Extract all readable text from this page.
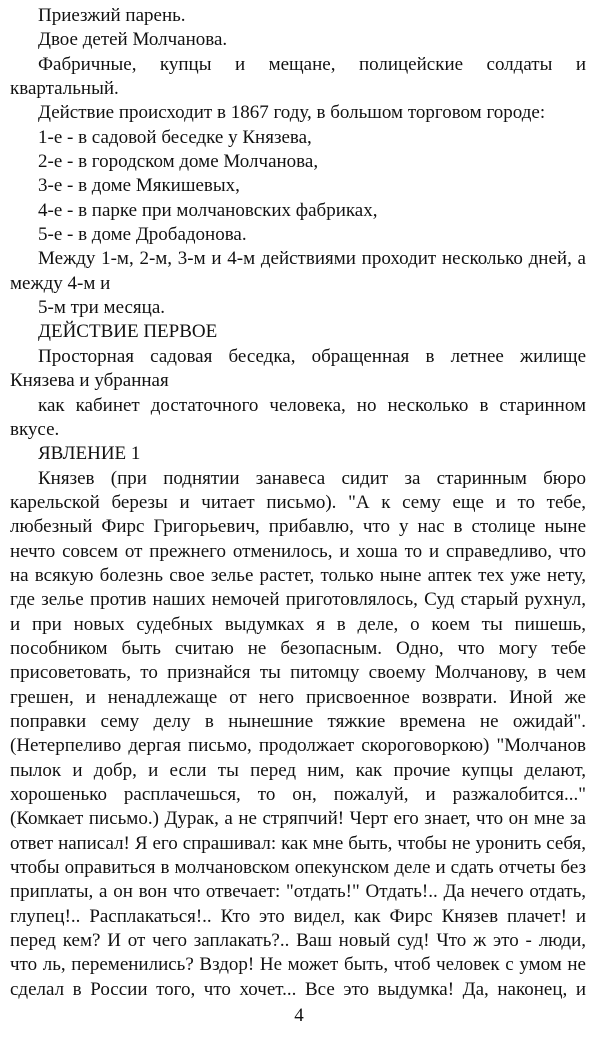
Приезжий парень.

Двое детей Молчанова.

Фабричные, купцы и мещане, полицейские солдаты и квартальный.

Действие происходит в 1867 году, в большом торговом городе:

1-е - в садовой беседке у Князева,

2-е - в городском доме Молчанова,

3-е - в доме Мякишевых,

4-е - в парке при молчановских фабриках,

5-е - в доме Дробадонова.

Между 1-м, 2-м, 3-м и 4-м действиями проходит несколько дней, а между 4-м и

5-м три месяца.

ДЕЙСТВИЕ ПЕРВОЕ

Просторная садовая беседка, обращенная в летнее жилище Князева и убранная

как кабинет достаточного человека, но несколько в старинном вкусе.

ЯВЛЕНИЕ 1

Князев (при поднятии занавеса сидит за старинным бюро карельской березы и читает письмо). "А к сему еще и то тебе, любезный Фирс Григорьевич, прибавлю, что у нас в столице ныне нечто совсем от прежнего отменилось, и хоша то и справедливо, что на всякую болезнь свое зелье растет, только ныне аптек тех уже нету, где зелье против наших немочей приготовлялось, Суд старый рухнул, и при новых судебных выдумках я в деле, о коем ты пишешь, пособником быть считаю не безопасным. Одно, что могу тебе присоветовать, то признайся ты питомцу своему Молчанову, в чем грешен, и ненадлежаще от него присвоенное возврати. Иной же поправки сему делу в нынешние тяжкие времена не ожидай". (Нетерпеливо дергая письмо, продолжает скороговоркою) "Молчанов пылок и добр, и если ты перед ним, как прочие купцы делают, хорошенько расплачешься, то он, пожалуй, и разжалобится..." (Комкает письмо.) Дурак, а не стряпчий! Черт его знает, что он мне за ответ написал! Я его спрашивал: как мне быть, чтобы не уронить себя, чтобы оправиться в молчановском опекунском деле и сдать отчеты без приплаты, а он вон что отвечает: "отдать!" Отдать!.. Да нечего отдать, глупец!.. Расплакаться!.. Кто это видел, как Фирс Князев плачет! и перед кем? И от чего заплакать?.. Ваш новый суд! Что ж это - люди, что ль, переменились? Вздор! Не может быть, чтоб человек с умом не сделал в России того, что хочет... Все это выдумка! Да, наконец, и

4
